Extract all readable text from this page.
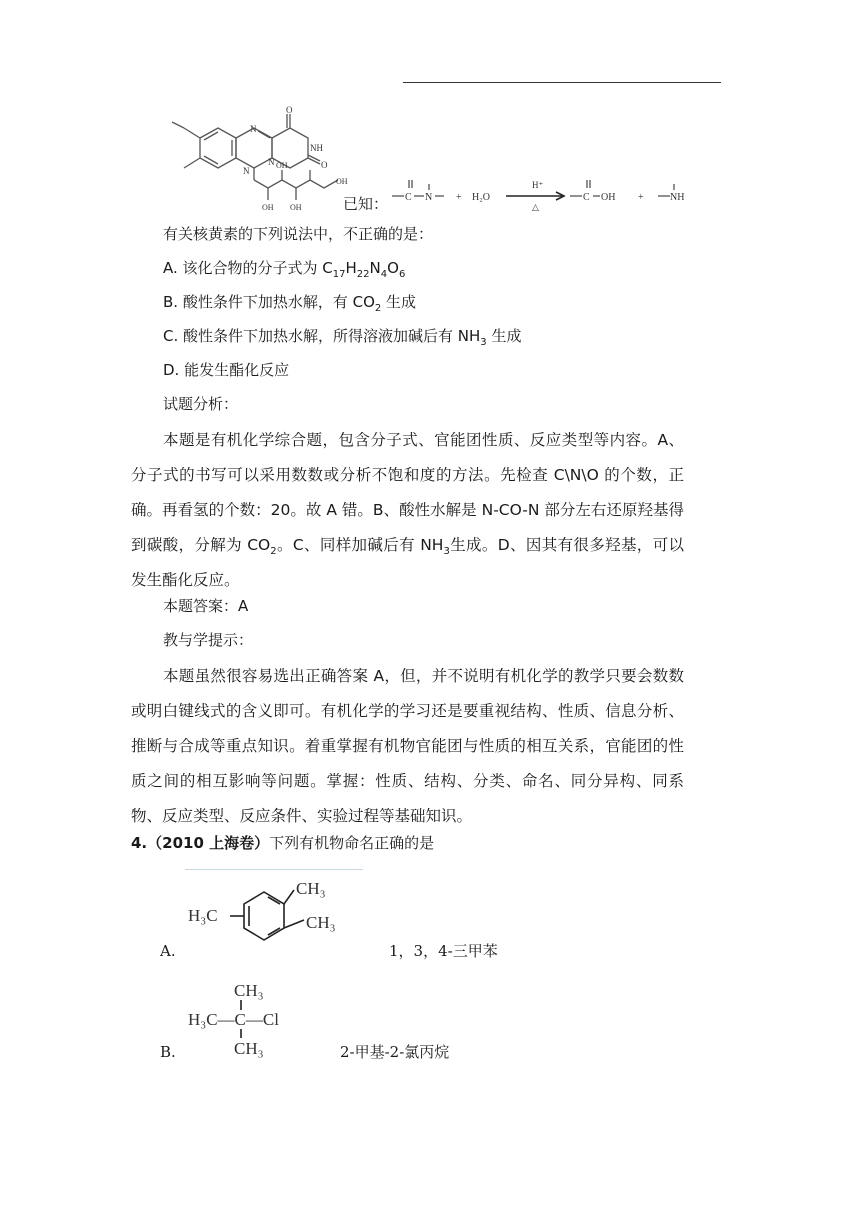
O
NH
O
N
N
N
OH
OH
OH
OH
已知： C N + H₂O
H⁺
△
C OH +	NH
有关核黄素的下列说法中，不正确的是：
A. 该化合物的分子式为 $C_{17}H_{22}N_4O_6$
B. 酸性条件下加热水解，有 $CO_2$ 生成
C. 酸性条件下加热水解，所得溶液加碱后有 $NH_3$ 生成
D. 能发生酯化反应
试题分析：
本题是有机化学综合题，包含分子式、官能团性质、反应类型等内容。A、分子式的书写可以采用数数或分析不饱和度的方法。先检查 C\N\O 的个数，正确。再看氢的个数：20。故 A 错。B、酸性水解是 N-CO-N 部分左右还原羟基得到碳酸，分解为 $CO_2$。C、同样加碱后有 $NH_3$生成。D、因其有很多羟基，可以发生酯化反应。
本题答案：A
教与学提示：
本题虽然很容易选出正确答案 A，但，并不说明有机化学的教学只要会数数或明白键线式的含义即可。有机化学的学习还是要重视结构、性质、信息分析、推断与合成等重点知识。着重掌握有机物官能团与性质的相互关系，官能团的性质之间的相互影响等问题。掌握：性质、结构、分类、命名、同分异构、同系物、反应类型、反应条件、实验过程等基础知识。
4.（2010 上海卷）下列有机物命名正确的是
A.
CH₃
H₃C	CH₃
1，3，4-三甲苯
B.
CH₃
H₃C—C—Cl
CH₃	2-甲基-2-氯丙烷
